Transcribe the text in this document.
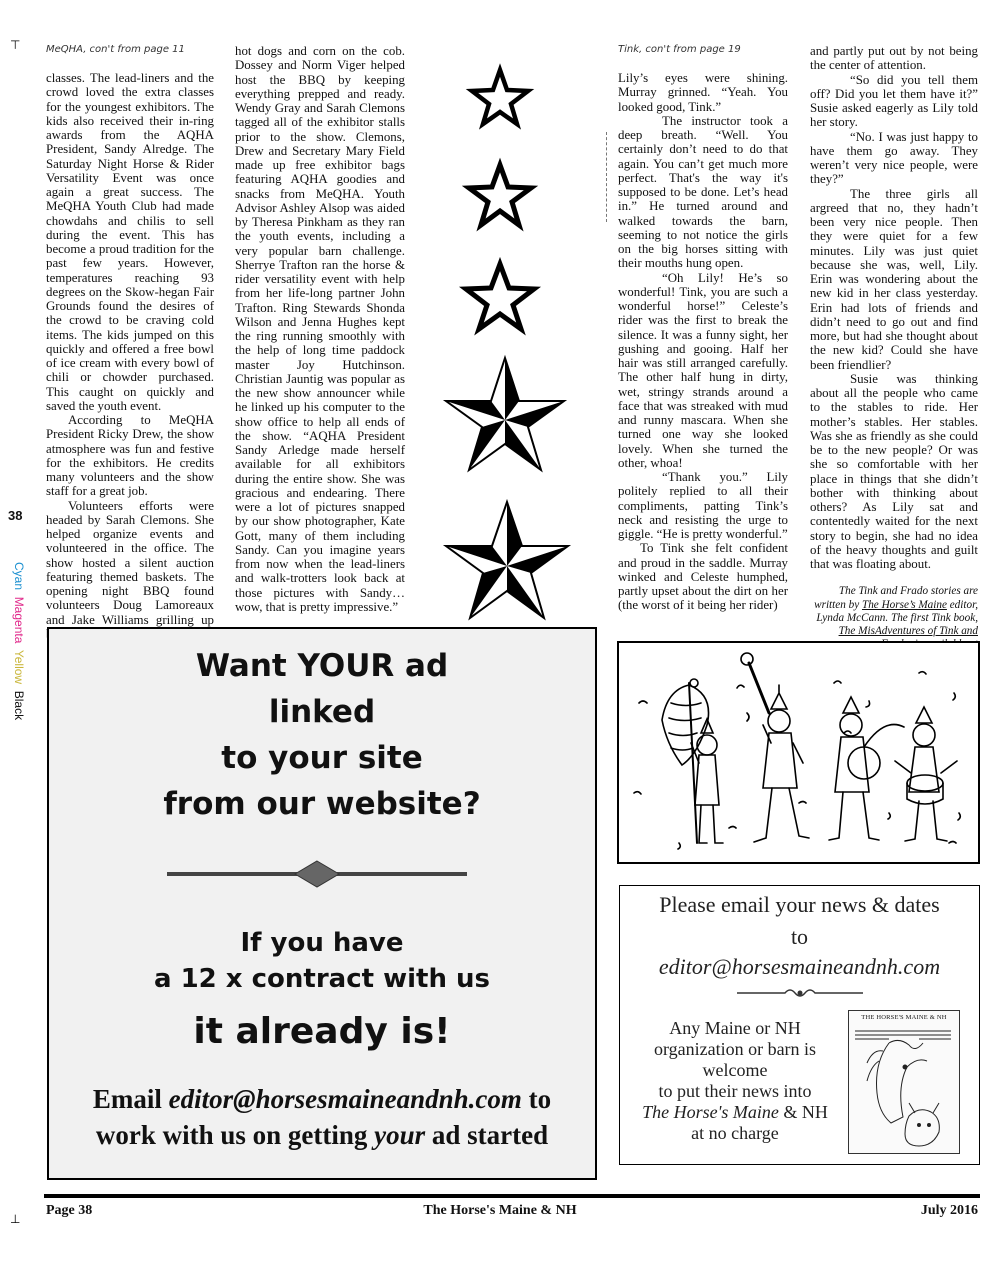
⊤
⊥
38
Cyan  Magenta  Yellow  Black
MeQHA, con't from page 11

classes. The lead-liners and the crowd loved the extra classes for the youngest exhibitors. The kids also received their in-ring awards from the AQHA President, Sandy Alredge. The Saturday Night Horse & Rider Versatility Event was once again a great success. The MeQHA Youth Club had made chowdahs and chilis to sell during the event. This has become a proud tradition for the past few years. However, temperatures reaching 93 degrees on the Skow-hegan Fair Grounds found the desires of the crowd to be craving cold items. The kids jumped on this quickly and offered a free bowl of ice cream with every bowl of chili or chowder purchased. This caught on quickly and saved the youth event.

According to MeQHA President Ricky Drew, the show atmosphere was fun and festive for the exhibitors. He credits many volunteers and the show staff for a great job.

Volunteers efforts were headed by Sarah Clemons. She helped organize events and volunteered in the office. The show hosted a silent auction featuring themed baskets. The opening night BBQ found volunteers Doug Lamoreaux and Jake Williams grilling up

hot dogs and corn on the cob. Dossey and Norm Viger helped host the BBQ by keeping everything prepped and ready. Wendy Gray and Sarah Clemons tagged all of the exhibitor stalls prior to the show. Clemons, Drew and Secretary Mary Field made up free exhibitor bags featuring AQHA goodies and snacks from MeQHA. Youth Advisor Ashley Alsop was aided by Theresa Pinkham as they ran the youth events, including a very popular barn challenge. Sherrye Trafton ran the horse & rider versatility event with help from her life-long partner John Trafton. Ring Stewards Shonda Wilson and Jenna Hughes kept the ring running smoothly with the help of long time paddock master Joy Hutchinson. Christian Jauntig was popular as the new show announcer while he linked up his computer to the show office to help all ends of the show. “AQHA President Sandy Arledge made herself available for all exhibitors during the entire show. She was gracious and endearing. There were a lot of pictures snapped by our show photographer, Kate Gott, many of them including Sandy. Can you imagine years from now when the lead-liners and walk-trotters look back at those pictures with Sandy… wow, that is pretty impressive.”

Tink, con't from page 19

Lily’s eyes were shining. Murray grinned. “Yeah. You looked good, Tink.”

The instructor took a deep breath. “Well. You certainly don’t need to do that again. You can’t get much more perfect. That's the way it's supposed to be done. Let’s head in.” He turned around and walked towards the barn, seeming to not notice the girls on the big horses sitting with their mouths hung open.

“Oh Lily! He’s so wonderful! Tink, you are such a wonderful horse!” Celeste’s rider was the first to break the silence. It was a funny sight, her gushing and gooing. Half her hair was still arranged carefully. The other half hung in dirty, wet, stringy strands around a face that was streaked with mud and runny mascara. When she turned one way she looked lovely. When she turned the other, whoa!

“Thank you.” Lily politely replied to all their compliments, patting Tink’s neck and resisting the urge to giggle. “He is pretty wonderful.”

To Tink she felt confident and proud in the saddle. Murray winked and Celeste humphed, partly upset about the dirt on her (the worst of it being her rider)

and partly put out by not being the center of attention.

“So did you tell them off? Did you let them have it?” Susie asked eagerly as Lily told her story.

“No. I was just happy to have them go away. They weren’t very nice people, were they?”

The three girls all argreed that no, they hadn’t been very nice people. Then they were quiet for a few minutes. Lily was just quiet because she was, well, Lily. Erin was wondering about the new kid in her class yesterday. Erin had lots of friends and didn’t need to go out and find more, but had she thought about the new kid? Could she have been friendlier?

Susie was thinking about all the people who came to the stables to ride. Her mother’s stables. Her stables. Was she as friendly as she could be to the new people? Or was she so comfortable with her place in things that she didn’t bother with thinking about others? As Lily sat and contentedly waited for the next story to begin, she had no idea of the heavy thoughts and guilt that was floating about.

The Tink and Frado stories are written by The Horse’s Maine editor, Lynda McCann. The first Tink book, The MisAdventures of Tink and

Want YOUR ad

linked

to your site

from our website?

If you have
a 12 x contract with us
it already is!
Email editor@horsesmaineandnh.com to
work with us on getting your ad started
Please email your news & dates
to
editor@horsesmaineandnh.com
Any Maine or NH
organization or barn is
welcome
to put their news into
The Horse's Maine & NH
at no charge
THE HORSE'S MAINE & NH
Page 38	The Horse's Maine & NH	July 2016
